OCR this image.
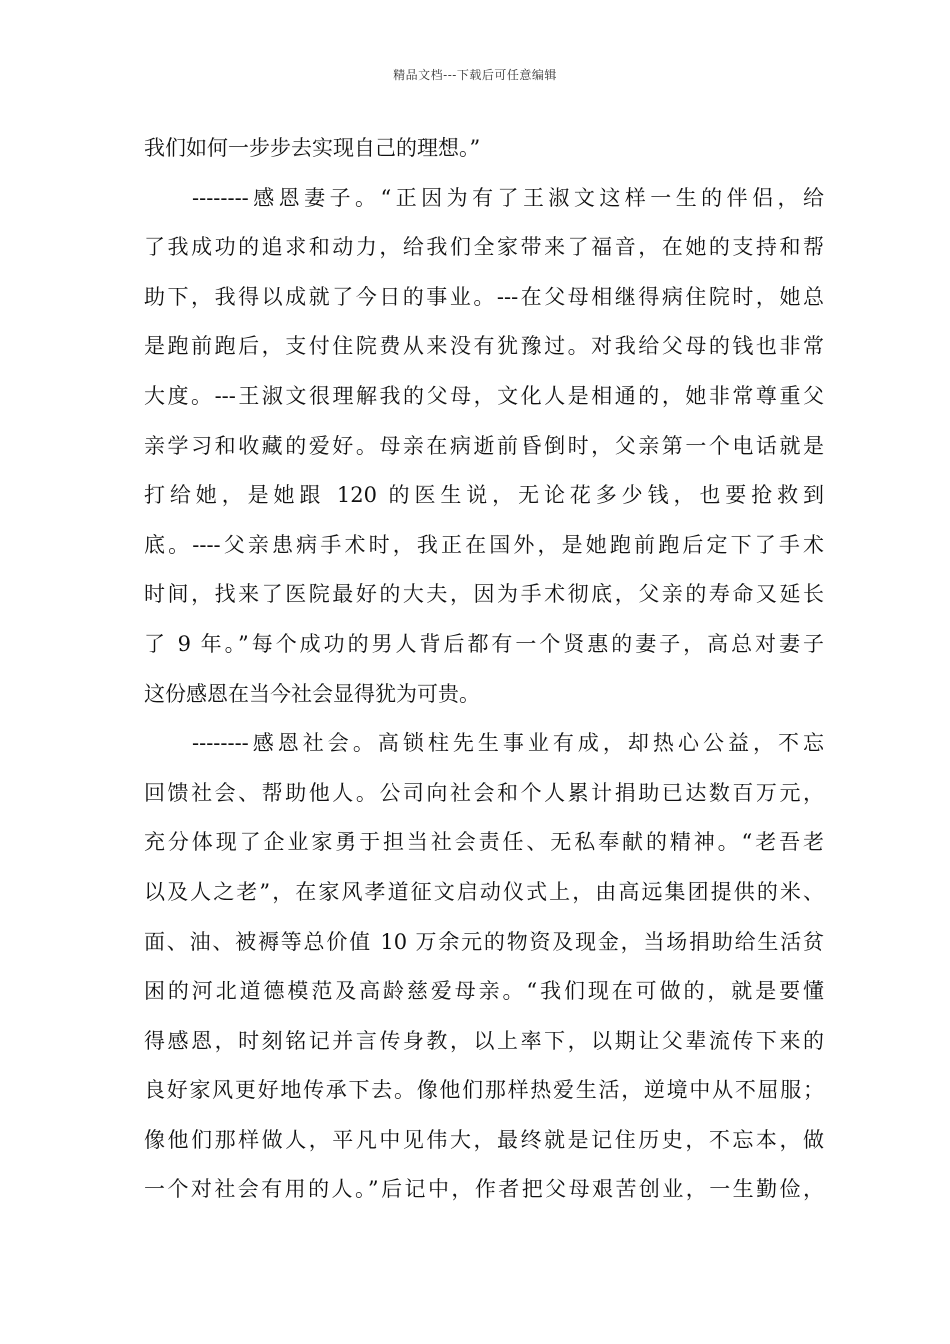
精品文档---下载后可任意编辑
我们如何一步步去实现自己的理想。”
--------感恩妻子。“正因为有了王淑文这样一生的伴侣，给
了我成功的追求和动力，给我们全家带来了福音，在她的支持和帮
助下，我得以成就了今日的事业。---在父母相继得病住院时，她总
是跑前跑后，支付住院费从来没有犹豫过。对我给父母的钱也非常
大度。---王淑文很理解我的父母，文化人是相通的，她非常尊重父
亲学习和收藏的爱好。母亲在病逝前昏倒时，父亲第一个电话就是
打给她，是她跟 120 的医生说，无论花多少钱，也要抢救到
底。----父亲患病手术时，我正在国外，是她跑前跑后定下了手术
时间，找来了医院最好的大夫，因为手术彻底，父亲的寿命又延长
了 9 年。”每个成功的男人背后都有一个贤惠的妻子，高总对妻子
这份感恩在当今社会显得犹为可贵。
--------感恩社会。高锁柱先生事业有成，却热心公益，不忘
回馈社会、帮助他人。公司向社会和个人累计捐助已达数百万元，
充分体现了企业家勇于担当社会责任、无私奉献的精神。“老吾老
以及人之老”，在家风孝道征文启动仪式上，由高远集团提供的米、
面、油、被褥等总价值 10 万余元的物资及现金，当场捐助给生活贫
困的河北道德模范及高龄慈爱母亲。“我们现在可做的，就是要懂
得感恩，时刻铭记并言传身教，以上率下，以期让父辈流传下来的
良好家风更好地传承下去。像他们那样热爱生活，逆境中从不屈服；
像他们那样做人，平凡中见伟大，最终就是记住历史，不忘本，做
一个对社会有用的人。”后记中，作者把父母艰苦创业，一生勤俭，
